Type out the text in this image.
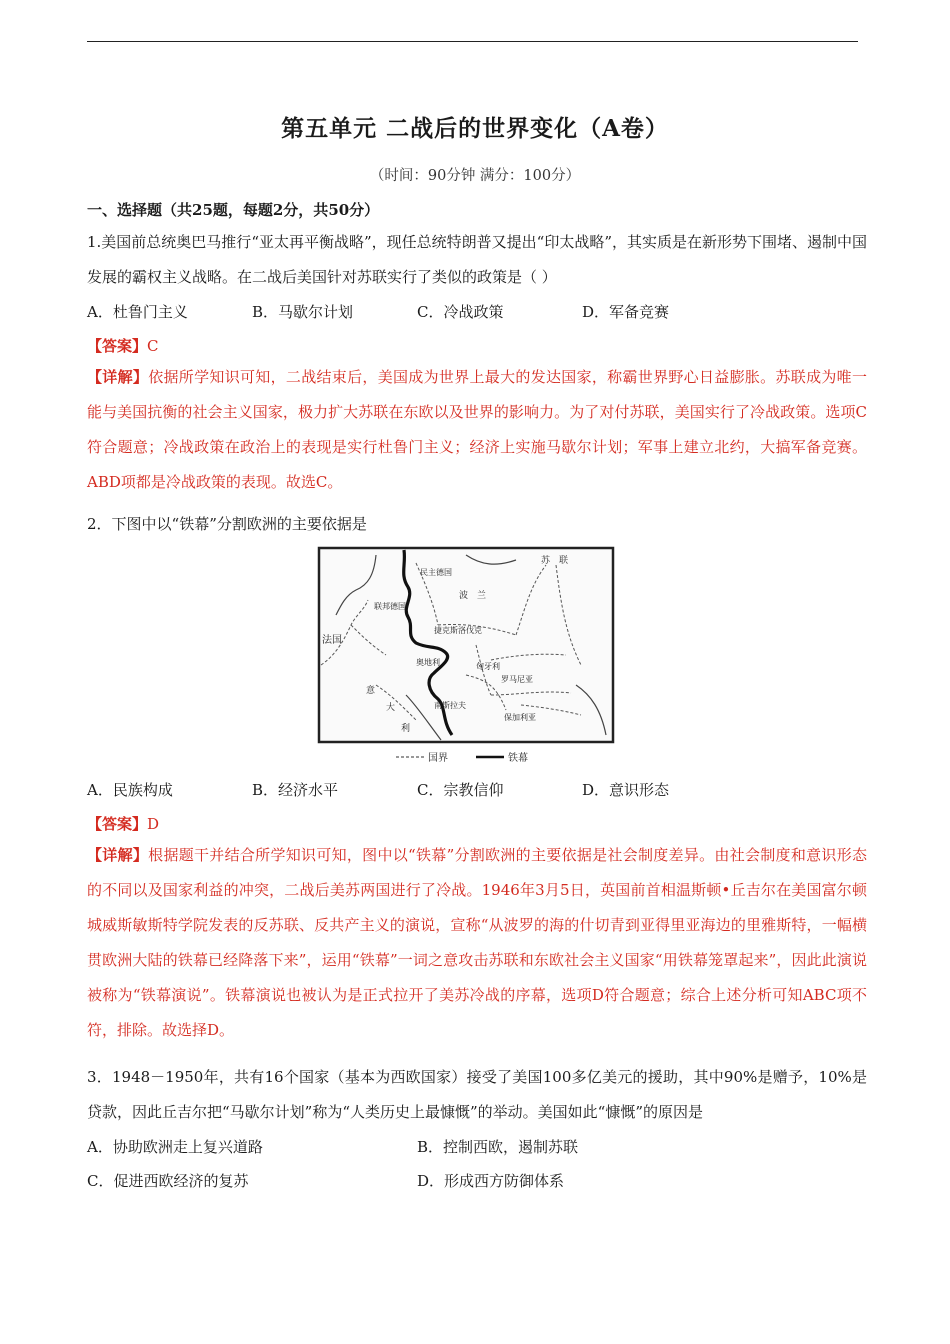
第五单元 二战后的世界变化（A卷）
（时间：90分钟 满分：100分）
一、选择题（共25题，每题2分，共50分）
1.美国前总统奥巴马推行“亚太再平衡战略”，现任总统特朗普又提出“印太战略”，其实质是在新形势下围堵、遏制中国发展的霸权主义战略。在二战后美国针对苏联实行了类似的政策是（ ）
A．杜鲁门主义	B．马歇尔计划	C．冷战政策	D．军备竞赛
【答案】C
【详解】依据所学知识可知，二战结束后，美国成为世界上最大的发达国家，称霸世界野心日益膨胀。苏联成为唯一能与美国抗衡的社会主义国家，极力扩大苏联在东欧以及世界的影响力。为了对付苏联，美国实行了冷战政策。选项C符合题意；冷战政策在政治上的表现是实行杜鲁门主义；经济上实施马歇尔计划；军事上建立北约，大搞军备竞赛。ABD项都是冷战政策的表现。故选C。
2．下图中以“铁幕”分割欧洲的主要依据是
苏　联
波　兰
民主德国
联邦德国
捷克斯洛伐克
法国
奥地利	匈牙利
罗马尼亚
南斯拉夫
保加利亚
意
大
利
国界	铁幕
A．民族构成	B．经济水平	C．宗教信仰	D．意识形态
【答案】D
【详解】根据题干并结合所学知识可知，图中以“铁幕”分割欧洲的主要依据是社会制度差异。由社会制度和意识形态的不同以及国家利益的冲突，二战后美苏两国进行了冷战。1946年3月5日，英国前首相温斯顿•丘吉尔在美国富尔顿城威斯敏斯特学院发表的反苏联、反共产主义的演说，宣称“从波罗的海的什切青到亚得里亚海边的里雅斯特，一幅横贯欧洲大陆的铁幕已经降落下来”，运用“铁幕”一词之意攻击苏联和东欧社会主义国家“用铁幕笼罩起来”，因此此演说被称为“铁幕演说”。铁幕演说也被认为是正式拉开了美苏冷战的序幕，选项D符合题意；综合上述分析可知ABC项不符，排除。故选择D。
3．1948－1950年，共有16个国家（基本为西欧国家）接受了美国100多亿美元的援助，其中90%是赠予，10%是贷款，因此丘吉尔把“马歇尔计划”称为“人类历史上最慷慨”的举动。美国如此“慷慨”的原因是
A．协助欧洲走上复兴道路	B．控制西欧，遏制苏联
C．促进西欧经济的复苏	D．形成西方防御体系
